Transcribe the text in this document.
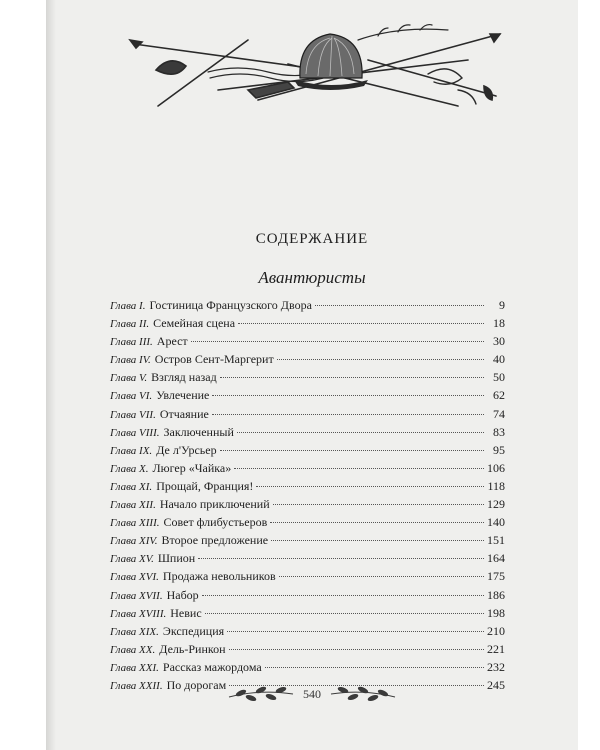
СОДЕРЖАНИЕ
Авантюристы
Глава I. Гостиница Французского Двора	9
Глава II. Семейная сцена	18
Глава III. Арест	30
Глава IV. Остров Сент-Маргерит	40
Глава V. Взгляд назад	50
Глава VI. Увлечение	62
Глава VII. Отчаяние	74
Глава VIII. Заключенный	83
Глава IX. Де л'Урсьер	95
Глава X. Люгер «Чайка»	106
Глава XI. Прощай, Франция!	118
Глава XII. Начало приключений	129
Глава XIII. Совет флибустьеров	140
Глава XIV. Второе предложение	151
Глава XV. Шпион	164
Глава XVI. Продажа невольников	175
Глава XVII. Набор	186
Глава XVIII. Невис	198
Глава XIX. Экспедиция	210
Глава XX. Дель-Ринкон	221
Глава XXI. Рассказ мажордома	232
Глава XXII. По дорогам	245
540
